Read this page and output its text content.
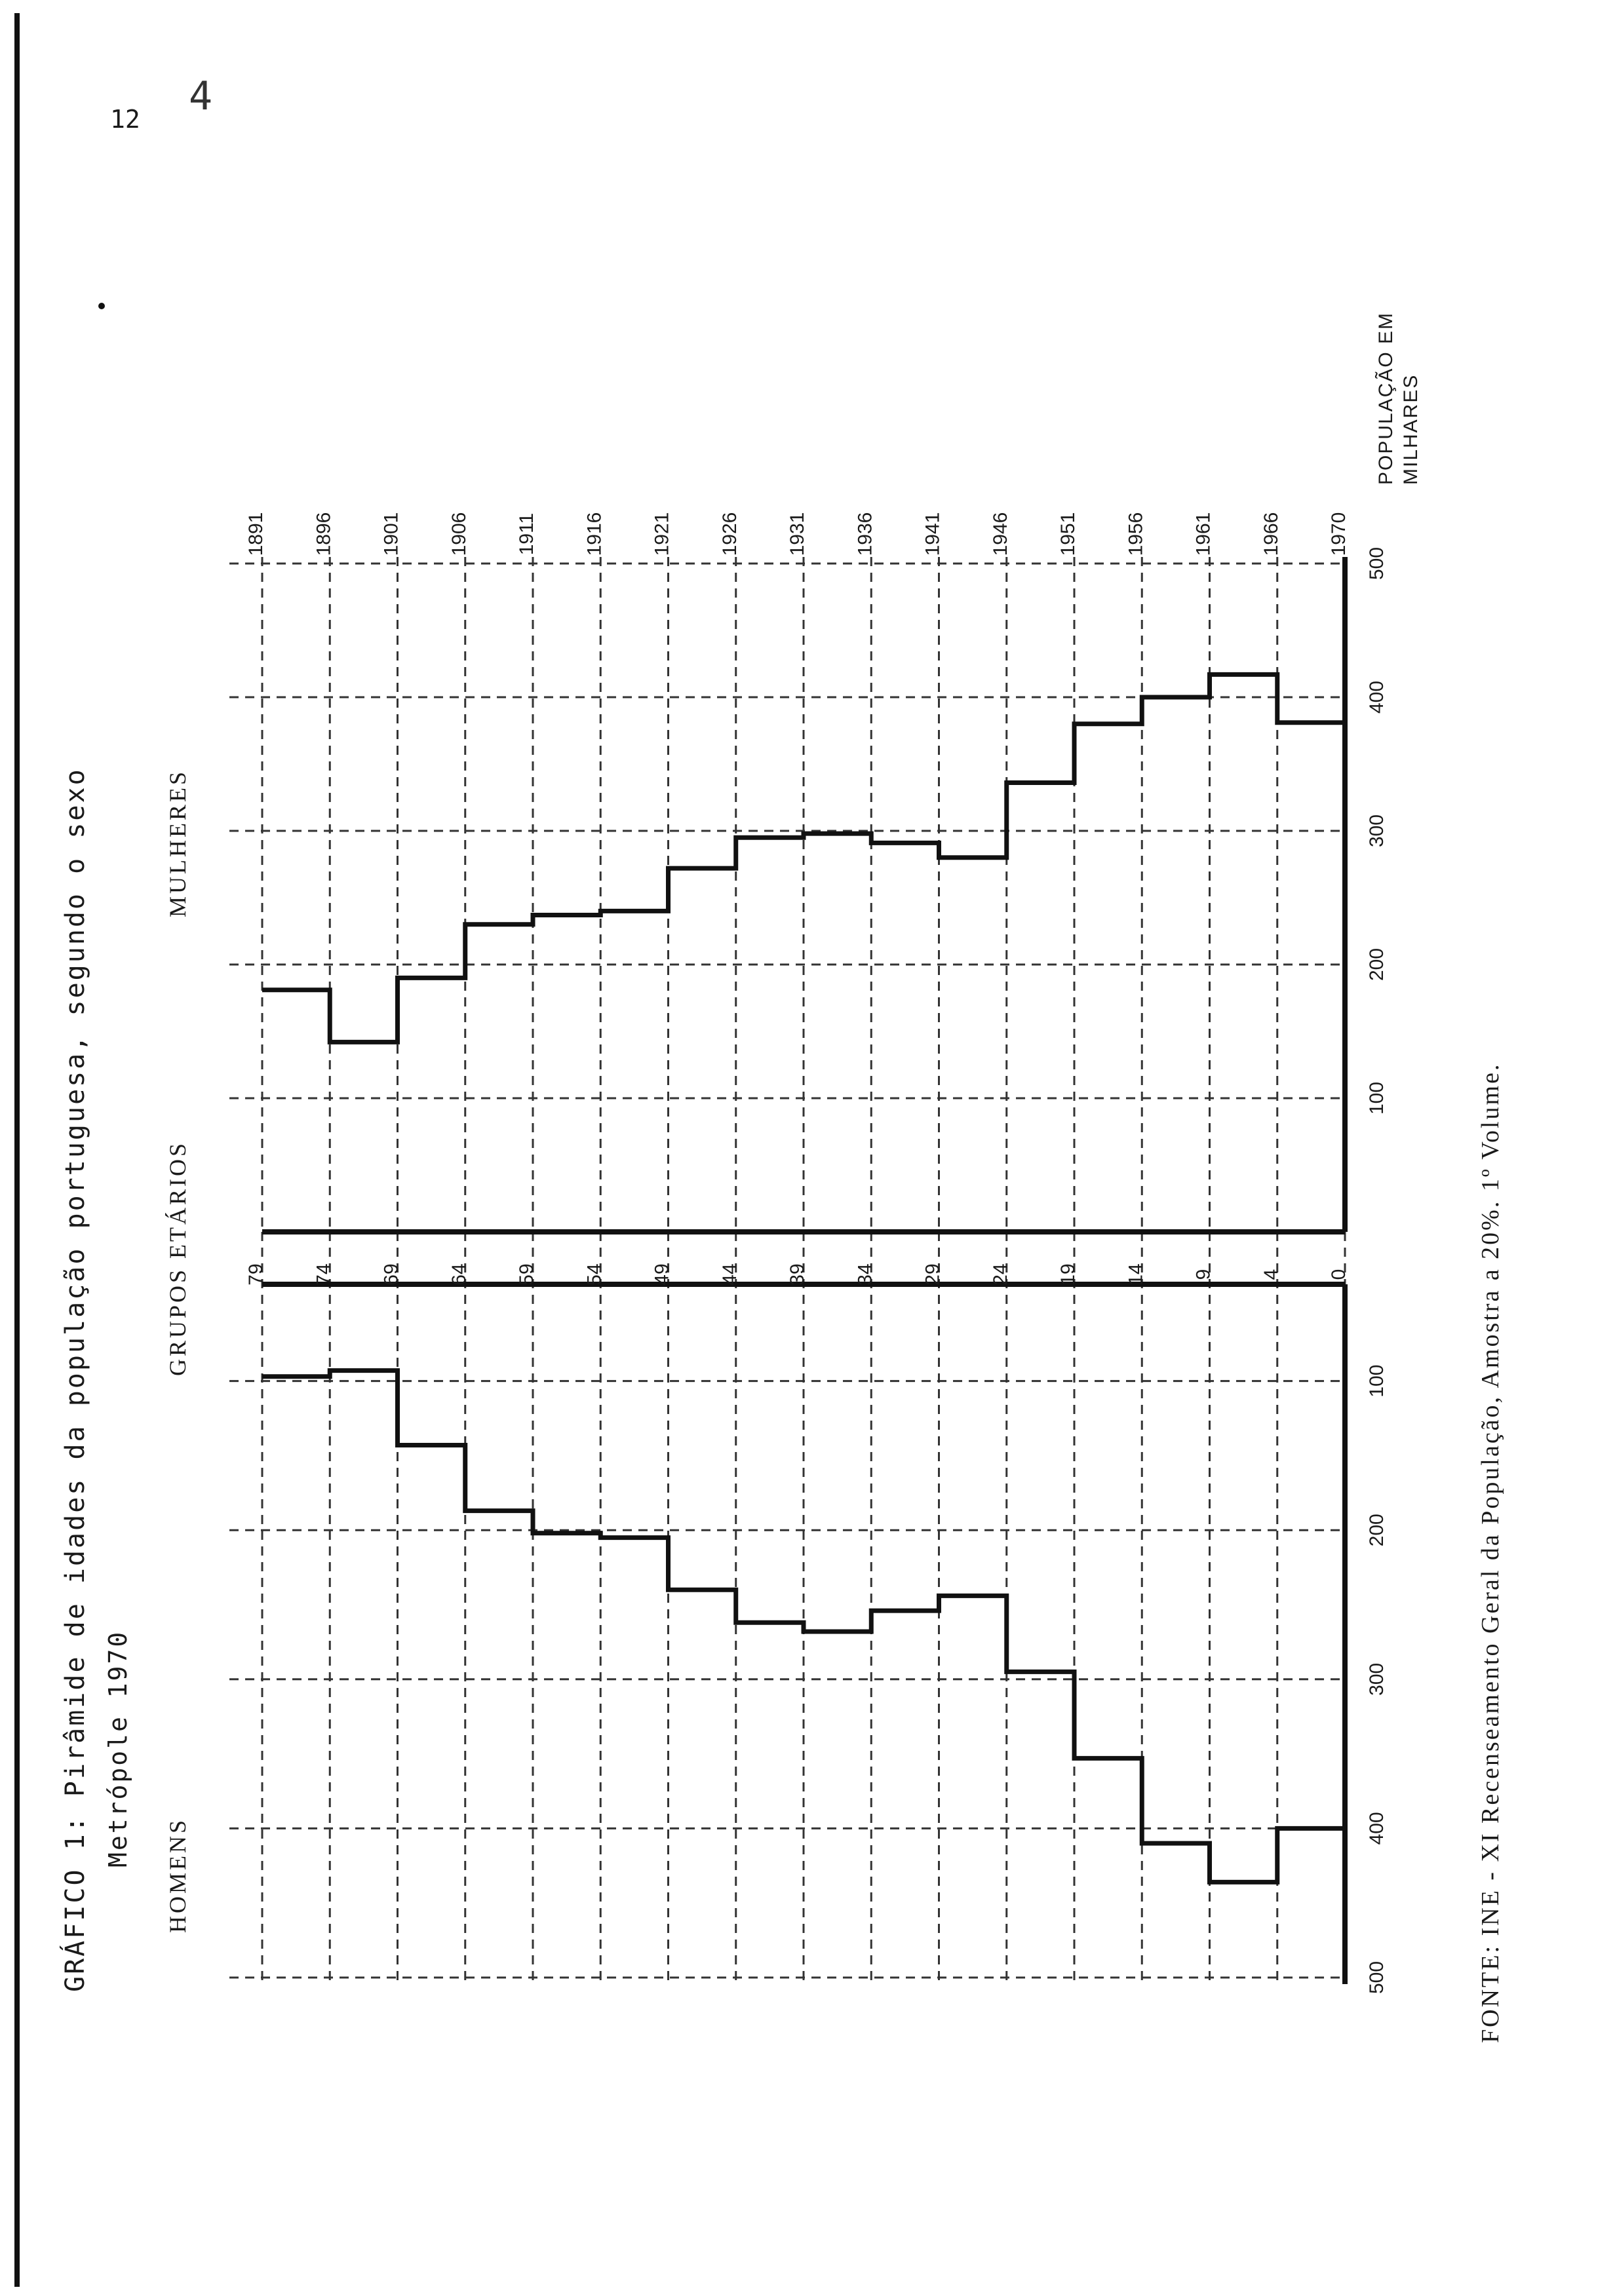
12 4
GRÁFICO 1: Pirâmide de idades da população portuguesa, segundo o sexo Metrópole 1970
HOMENS
GRUPOS ETÁRIOS
MULHERES
POPULAÇÃO EM MILHARES
FONTE: INE - XI Recenseamento Geral da População, Amostra a 20%. 1º Volume.
79 74 69 64 59 54 49 44 39 34 29 24 19 14 9 4 0
1891 1896 1901 1906 1911 1916 1921 1926 1931 1936 1941 1946 1951 1956 1961 1966 1970
100
100
200
200
300
300
400
400
500
500
